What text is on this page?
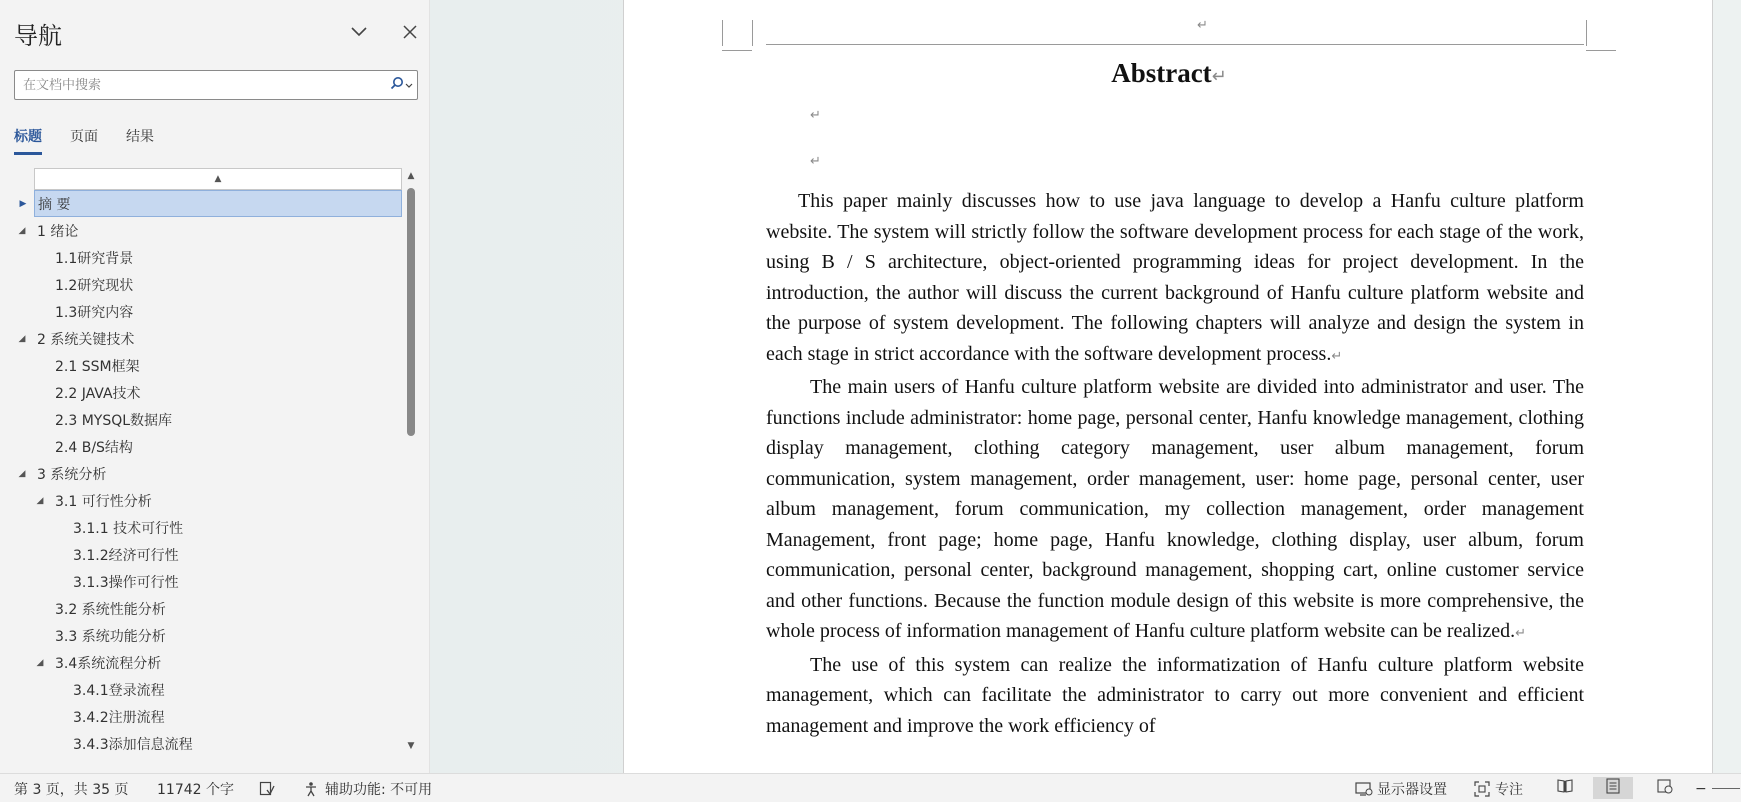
导航
在文档中搜索
标题 页面 结果
▲
▶ 摘 要
◢ 1 绪论
1.1研究背景
1.2研究现状
1.3研究内容
◢ 2 系统关键技术
2.1 SSM框架
2.2 JAVA技术
2.3 MYSQL数据库
2.4 B/S结构
◢ 3 系统分析
◢ 3.1 可行性分析
3.1.1 技术可行性
3.1.2经济可行性
3.1.3操作可行性
3.2 系统性能分析
3.3 系统功能分析
◢ 3.4系统流程分析
3.4.1登录流程
3.4.2注册流程
3.4.3添加信息流程
▲
▼
↵
Abstract↵
↵
↵

This paper mainly discusses how to use java language to develop a Hanfu culture platform website. The system will strictly follow the software development process for each stage of the work, using B / S architecture, object-oriented programming ideas for project development. In the introduction, the author will discuss the current background of Hanfu culture platform website and the purpose of system development. The following chapters will analyze and design the system in each stage in strict accordance with the software development process.↵

The main users of Hanfu culture platform website are divided into administrator and user. The functions include administrator: home page, personal center, Hanfu knowledge management, clothing display management, clothing category management, user album management, forum communication, system management, order management, user: home page, personal center, user album management, forum communication, my collection management, order management Management, front page; home page, Hanfu knowledge, clothing display, user album, forum communication, personal center, background management, shopping cart, online customer service and other functions. Because the function module design of this website is more comprehensive, the whole process of information management of Hanfu culture platform website can be realized.↵

The use of this system can realize the informatization of Hanfu culture platform website management, which can facilitate the administrator to carry out more convenient and efficient management and improve the work efficiency of

第 3 页，共 35 页 11742 个字	辅助功能: 不可用	显示器设置	专注	−
